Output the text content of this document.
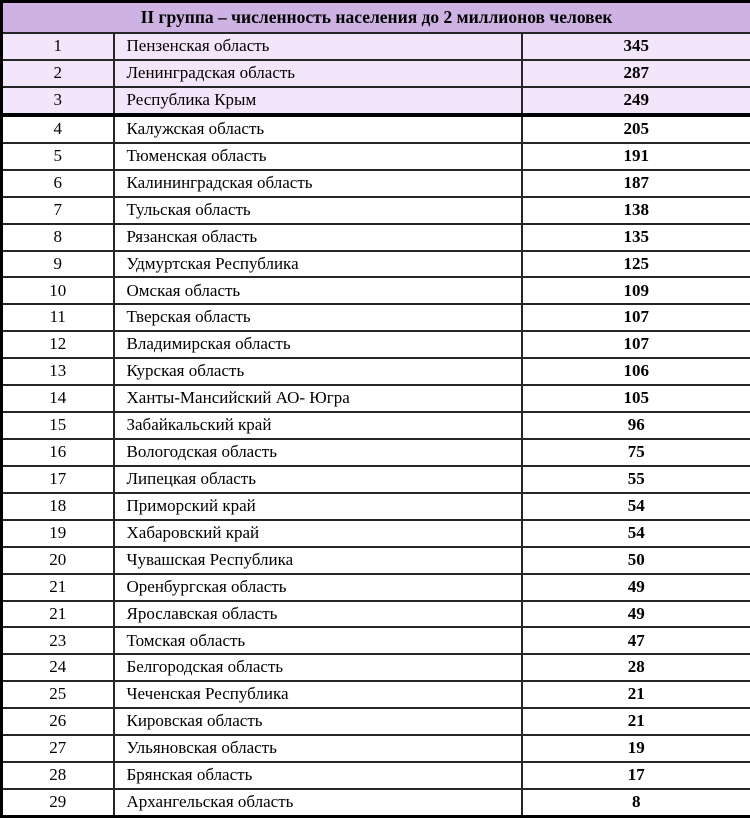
II группа – численность населения до 2 миллионов человек		
1	Пензенская область	345
2	Ленинградская область	287
3	Республика Крым	249
4	Калужская область	205
5	Тюменская область	191
6	Калининградская область	187
7	Тульская область	138
8	Рязанская область	135
9	Удмуртская Республика	125
10	Омская область	109
11	Тверская область	107
12	Владимирская область	107
13	Курская область	106
14	Ханты-Мансийский АО- Югра	105
15	Забайкальский край	96
16	Вологодская область	75
17	Липецкая область	55
18	Приморский край	54
19	Хабаровский край	54
20	Чувашская Республика	50
21	Оренбургская область	49
21	Ярославская область	49
23	Томская область	47
24	Белгородская область	28
25	Чеченская Республика	21
26	Кировская область	21
27	Ульяновская область	19
28	Брянская область	17
29	Архангельская область	8
